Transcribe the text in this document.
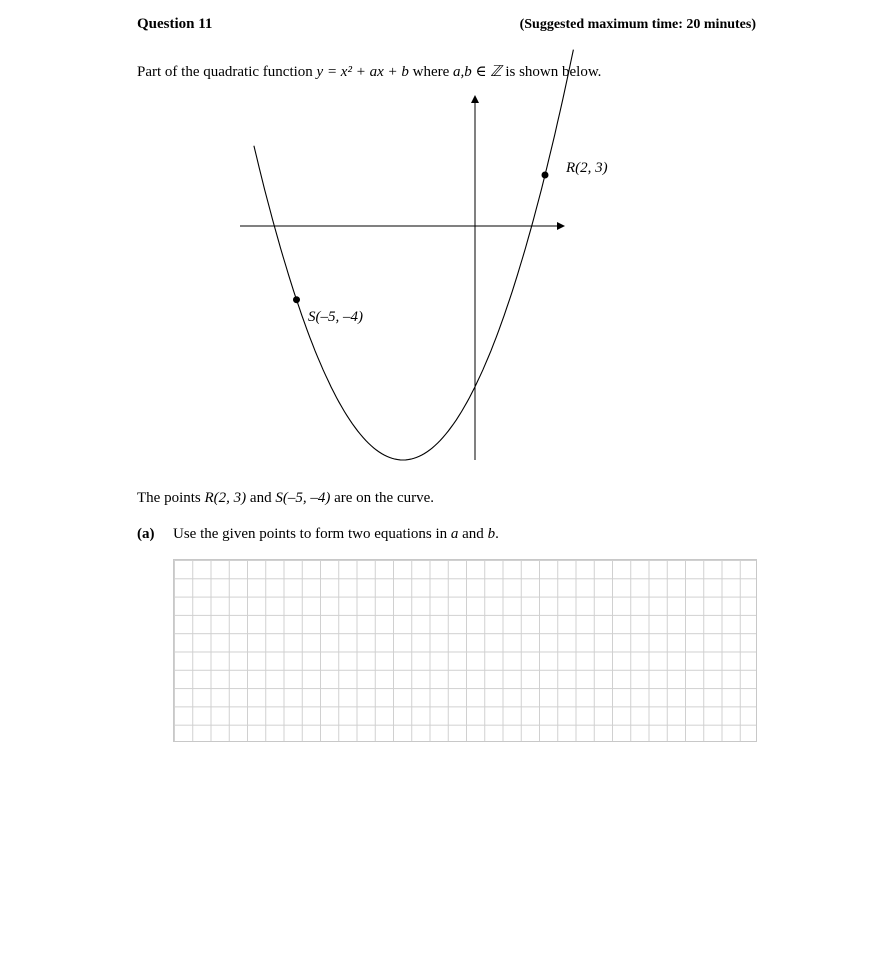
Question 11	(Suggested maximum time: 20 minutes)
Part of the quadratic function y = x² + ax + b where a,b ∈ ℤ is shown below.
R(2, 3)
S(–5, –4)
The points R(2, 3) and S(–5, –4) are on the curve.
(a) Use the given points to form two equations in a and b.
